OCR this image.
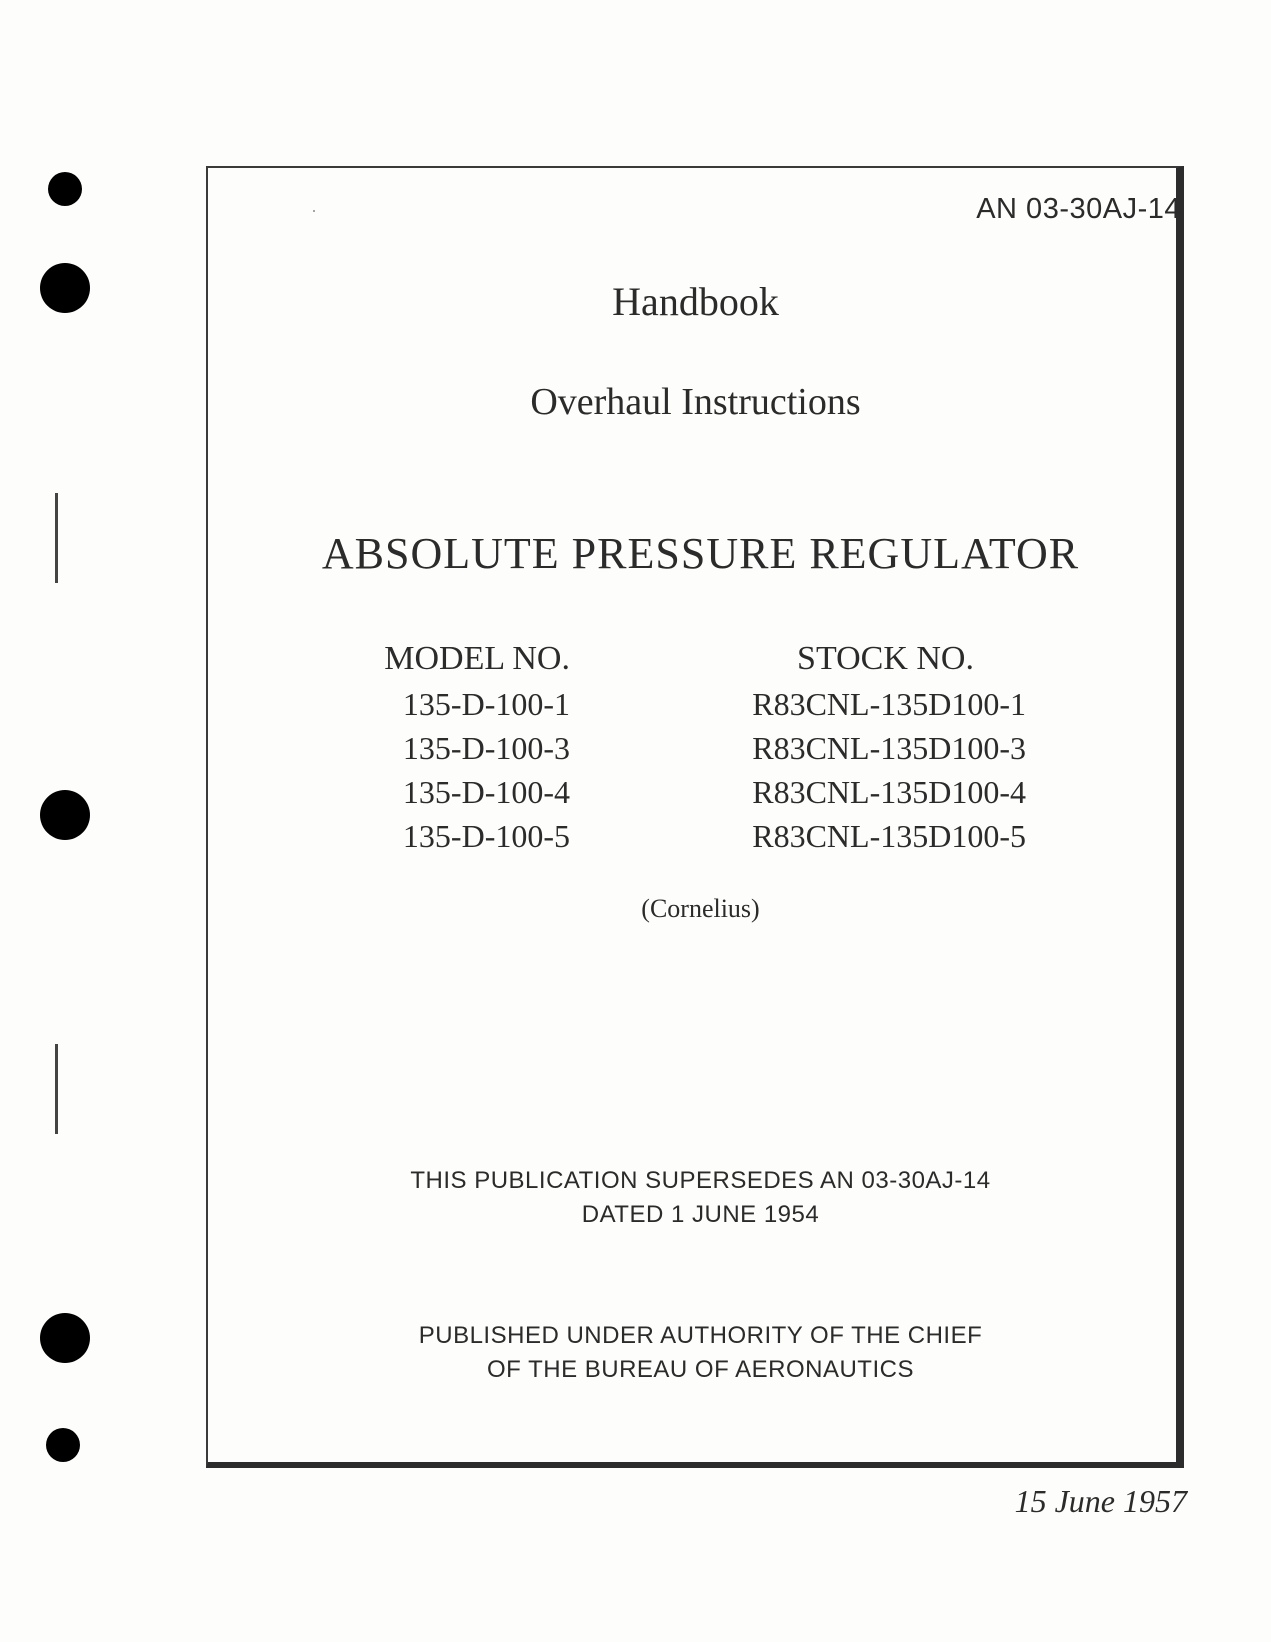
AN 03-30AJ-14
Handbook
Overhaul Instructions
ABSOLUTE PRESSURE REGULATOR
MODEL NO.
135-D-100-1
135-D-100-3
135-D-100-4
135-D-100-5
STOCK NO.
R83CNL-135D100-1
R83CNL-135D100-3
R83CNL-135D100-4
R83CNL-135D100-5
(Cornelius)
THIS PUBLICATION SUPERSEDES AN 03-30AJ-14
DATED 1 JUNE 1954
PUBLISHED UNDER AUTHORITY OF THE CHIEF
OF THE BUREAU OF AERONAUTICS
15 June 1957
